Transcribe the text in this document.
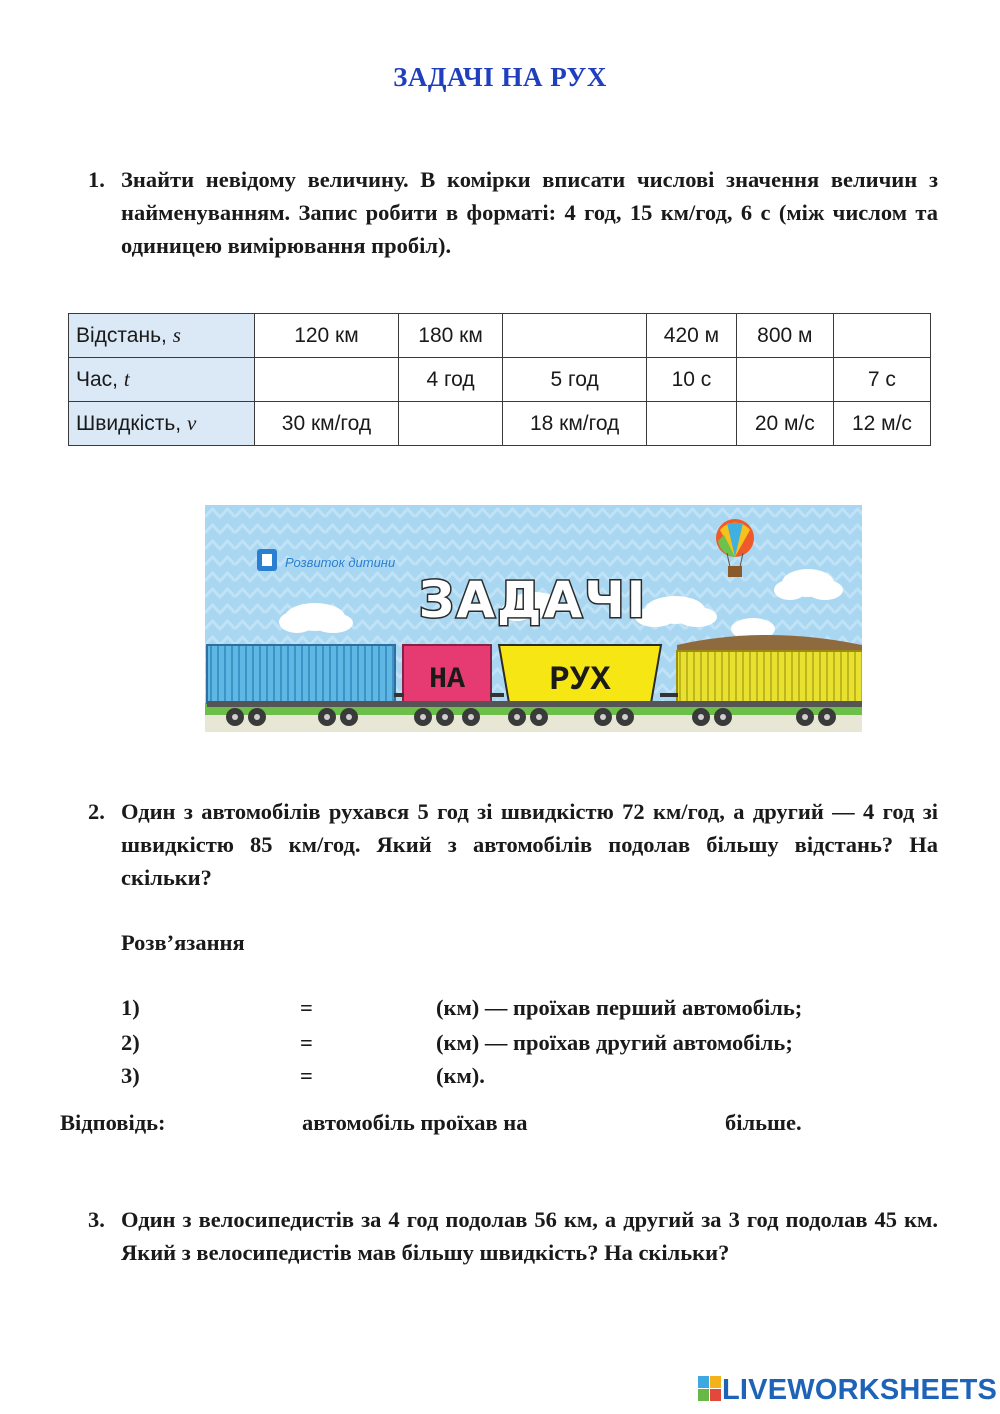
ЗАДАЧІ НА РУХ
1. Знайти невідому величину. В комірки вписати числові значення величин з найменуванням. Запис робити в форматі: 4 год, 15 км/год, 6 с (між числом та одиницею вимірювання пробіл).
Відстань, s	120 км	180 км		420 м	800 м	
Час, t		4 год	5 год	10 с		7 с
Швидкість, v	30 км/год		18 км/год		20 м/с	12 м/с
Розвиток дитини
ЗАДАЧІ
НА РУХ
2. Один з автомобілів рухався 5 год зі швидкістю 72 км/год, а другий — 4 год зі швидкістю 85 км/год. Який з автомобілів подолав більшу відстань? На скільки?
Розв’язання
1)	=	(км) — проїхав перший автомобіль;
2)	=	(км) — проїхав другий автомобіль;
3)	=	(км).
Відповідь:	автомобіль проїхав на	більше.
3. Один з велосипедистів за 4 год подолав 56 км, а другий за 3 год подолав 45 км. Який з велосипедистів мав більшу швидкість? На скільки?
LIVEWORKSHEETS
